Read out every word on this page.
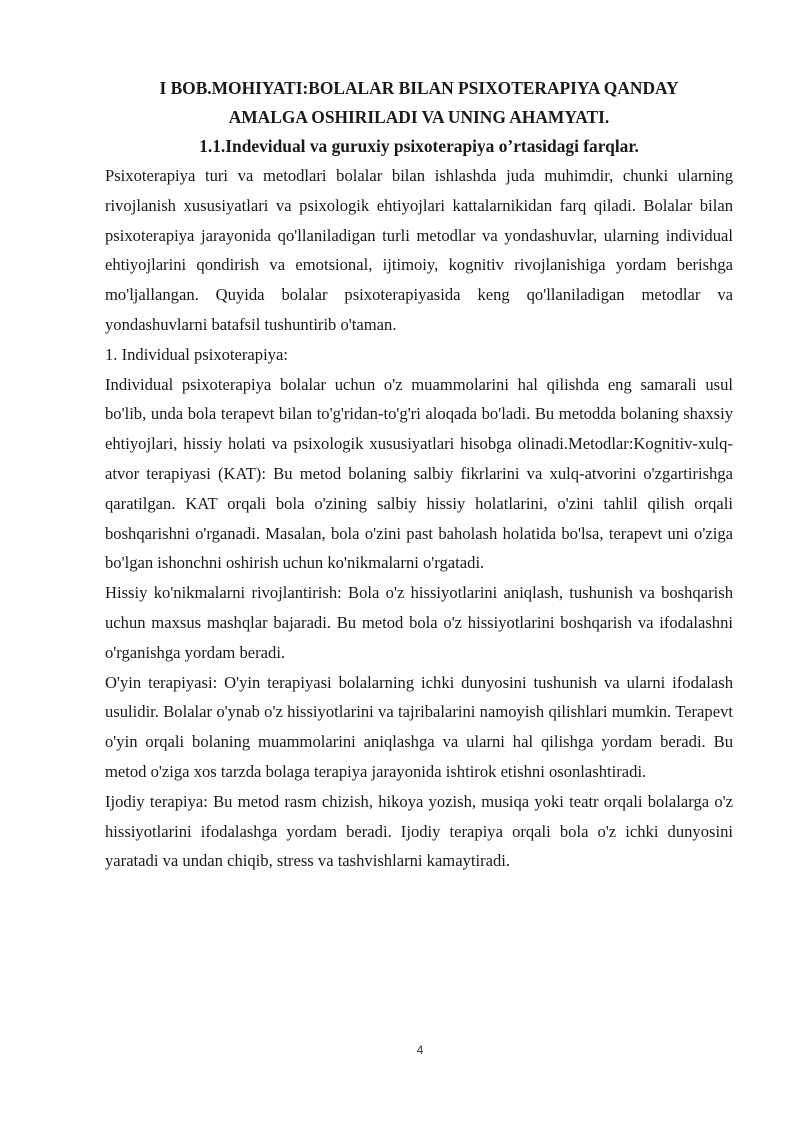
I BOB.MOHIYATI:BOLALAR BILAN PSIXOTERAPIYA QANDAY

AMALGA OSHIRILADI VA UNING AHAMYATI.

1.1.Indevidual va guruxiy psixoterapiya o’rtasidagi farqlar.

Psixoterapiya turi va metodlari bolalar bilan ishlashda juda muhimdir, chunki ularning rivojlanish xususiyatlari va psixologik ehtiyojlari kattalarnikidan farq qiladi. Bolalar bilan psixoterapiya jarayonida qo'llaniladigan turli metodlar va yondashuvlar, ularning individual ehtiyojlarini qondirish va emotsional, ijtimoiy, kognitiv rivojlanishiga yordam berishga mo'ljallangan. Quyida bolalar psixoterapiyasida keng qo'llaniladigan metodlar va yondashuvlarni batafsil tushuntirib o'taman.

1. Individual psixoterapiya:

Individual psixoterapiya bolalar uchun o'z muammolarini hal qilishda eng samarali usul bo'lib, unda bola terapevt bilan to'g'ridan-to'g'ri aloqada bo'ladi. Bu metodda bolaning shaxsiy ehtiyojlari, hissiy holati va psixologik xususiyatlari hisobga olinadi.Metodlar:Kognitiv-xulq-atvor terapiyasi (KAT): Bu metod bolaning salbiy fikrlarini va xulq-atvorini o'zgartirishga qaratilgan. KAT orqali bola o'zining salbiy hissiy holatlarini, o'zini tahlil qilish orqali boshqarishni o'rganadi. Masalan, bola o'zini past baholash holatida bo'lsa, terapevt uni o'ziga bo'lgan ishonchni oshirish uchun ko'nikmalarni o'rgatadi.

Hissiy ko'nikmalarni rivojlantirish: Bola o'z hissiyotlarini aniqlash, tushunish va boshqarish uchun maxsus mashqlar bajaradi. Bu metod bola o'z hissiyotlarini boshqarish va ifodalashni o'rganishga yordam beradi.

O'yin terapiyasi: O'yin terapiyasi bolalarning ichki dunyosini tushunish va ularni ifodalash usulidir. Bolalar o'ynab o'z hissiyotlarini va tajribalarini namoyish qilishlari mumkin. Terapevt o'yin orqali bolaning muammolarini aniqlashga va ularni hal qilishga yordam beradi. Bu metod o'ziga xos tarzda bolaga terapiya jarayonida ishtirok etishni osonlashtiradi.

Ijodiy terapiya: Bu metod rasm chizish, hikoya yozish, musiqa yoki teatr orqali bolalarga o'z hissiyotlarini ifodalashga yordam beradi. Ijodiy terapiya orqali bola o'z ichki dunyosini yaratadi va undan chiqib, stress va tashvishlarni kamaytiradi.

4
